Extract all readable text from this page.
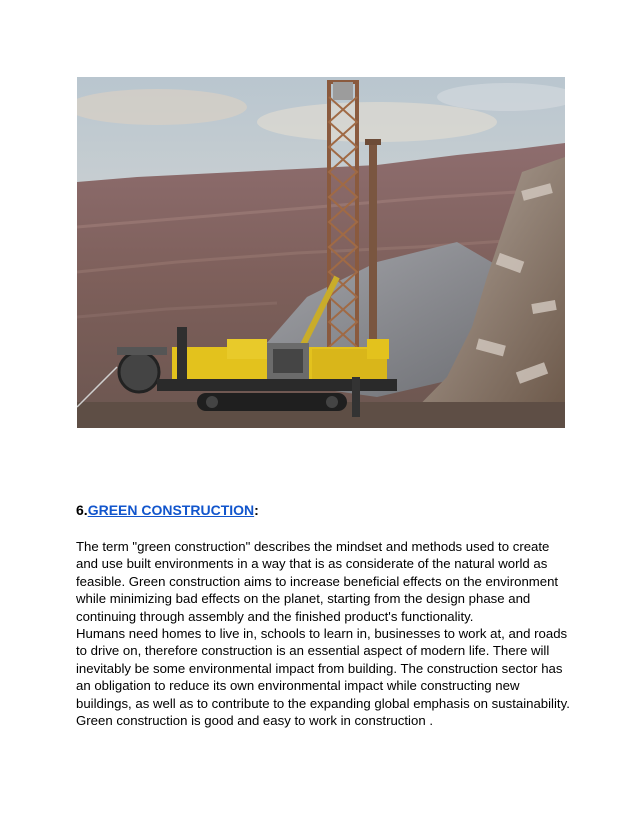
6.GREEN CONSTRUCTION:

The term "green construction" describes the mindset and methods used to create

and use built environments in a way that is as considerate of the natural world as

feasible. Green construction aims to increase beneficial effects on the environment

while minimizing bad effects on the planet, starting from the design phase and

continuing through assembly and the finished product's functionality.

Humans need homes to live in, schools to learn in, businesses to work at, and roads

to drive on, therefore construction is an essential aspect of modern life. There will

inevitably be some environmental impact from building. The construction sector has

an obligation to reduce its own environmental impact while constructing new

buildings, as well as to contribute to the expanding global emphasis on sustainability.

Green construction is good and easy to work in construction .
